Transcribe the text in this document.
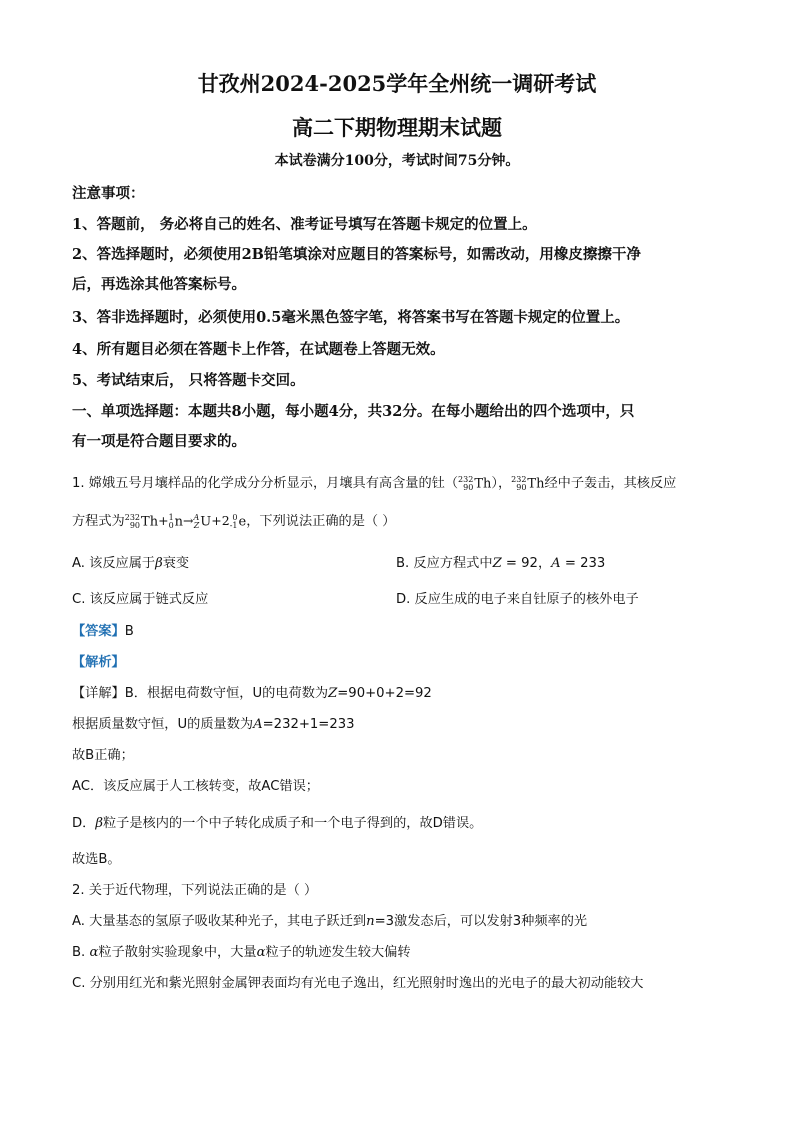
甘孜州2024-2025学年全州统一调研考试
高二下期物理期末试题
本试卷满分100分，考试时间75分钟。
注意事项：
1、答题前， 务必将自己的姓名、准考证号填写在答题卡规定的位置上。
2、答选择题时，必须使用2B铅笔填涂对应题目的答案标号，如需改动，用橡皮擦擦干净
后，再选涂其他答案标号。
3、答非选择题时，必须使用0.5毫米黑色签字笔，将答案书写在答题卡规定的位置上。
4、所有题目必须在答题卡上作答，在试题卷上答题无效。
5、考试结束后， 只将答题卡交回。
一、单项选择题：本题共8小题，每小题4分，共32分。在每小题给出的四个选项中，只
有一项是符合题目要求的。
1. 嫦娥五号月壤样品的化学成分分析显示，月壤具有高含量的钍（ 232
90 Th）， 232
90 Th经中子轰击，其核反应
方程式为 232
90 Th+ 1
0 n→ A
Z U+2 0
-1 e，下列说法正确的是（ ）
A. 该反应属于β衰变	B. 反应方程式中Z = 92，A = 233
C. 该反应属于链式反应	D. 反应生成的电子来自钍原子的核外电子
【答案】B
【解析】
【详解】B．根据电荷数守恒，U的电荷数为Z=90+0+2=92
根据质量数守恒，U的质量数为A=232+1=233
故B正确；
AC．该反应属于人工核转变，故AC错误；
D．β粒子是核内的一个中子转化成质子和一个电子得到的，故D错误。
故选B。
2. 关于近代物理，下列说法正确的是（ ）
A. 大量基态的氢原子吸收某种光子，其电子跃迁到n=3激发态后，可以发射3种频率的光
B. α粒子散射实验现象中，大量α粒子的轨迹发生较大偏转
C. 分别用红光和紫光照射金属钾表面均有光电子逸出，红光照射时逸出的光电子的最大初动能较大
